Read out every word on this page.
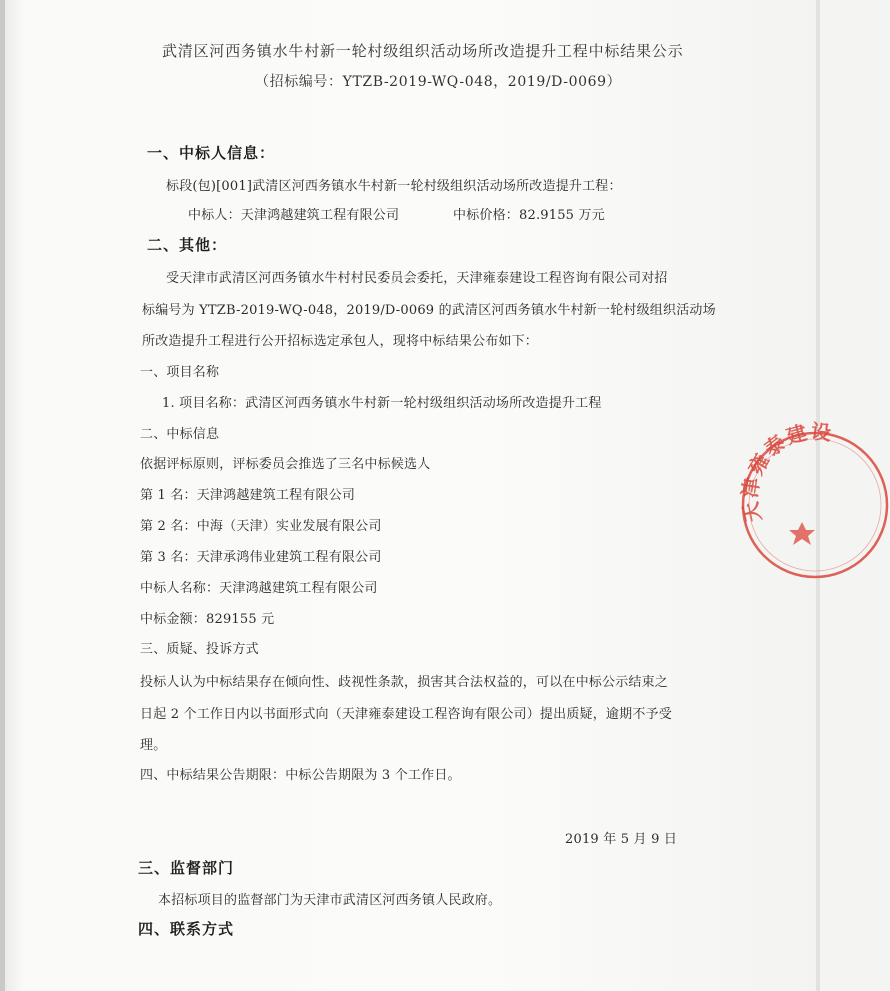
武清区河西务镇水牛村新一轮村级组织活动场所改造提升工程中标结果公示
（招标编号：YTZB-2019-WQ-048，2019/D-0069）
一、中标人信息：
标段(包)[001]武清区河西务镇水牛村新一轮村级组织活动场所改造提升工程：
中标人：天津鸿越建筑工程有限公司	中标价格：82.9155 万元
二、其他：
受天津市武清区河西务镇水牛村村民委员会委托，天津雍泰建设工程咨询有限公司对招
标编号为 YTZB-2019-WQ-048，2019/D-0069 的武清区河西务镇水牛村新一轮村级组织活动场
所改造提升工程进行公开招标选定承包人，现将中标结果公布如下：
一、项目名称
1. 项目名称：武清区河西务镇水牛村新一轮村级组织活动场所改造提升工程
二、中标信息
依据评标原则，评标委员会推选了三名中标候选人
第 1 名：天津鸿越建筑工程有限公司
第 2 名：中海（天津）实业发展有限公司
第 3 名：天津承鸿伟业建筑工程有限公司
中标人名称：天津鸿越建筑工程有限公司
中标金额：829155 元
三、质疑、投诉方式
投标人认为中标结果存在倾向性、歧视性条款，损害其合法权益的，可以在中标公示结束之
日起 2 个工作日内以书面形式向（天津雍泰建设工程咨询有限公司）提出质疑，逾期不予受
理。
四、中标结果公告期限：中标公告期限为 3 个工作日。
2019 年 5 月 9 日
三、监督部门
本招标项目的监督部门为天津市武清区河西务镇人民政府。
四、联系方式
天津雍泰建设
